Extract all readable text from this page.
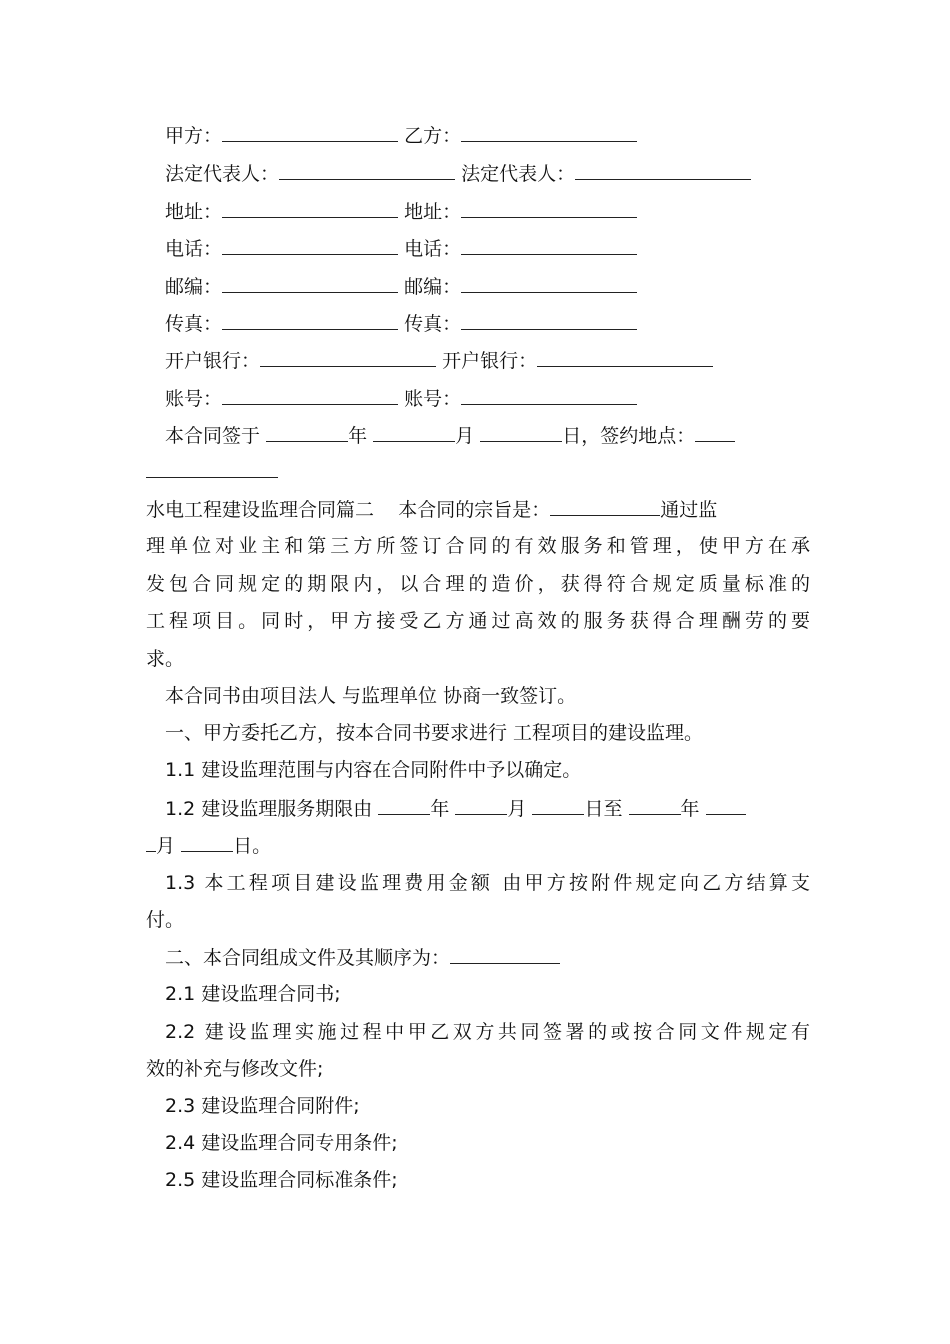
甲方：	乙方：
法定代表人：	法定代表人：
地址：	地址：
电话：	电话：
邮编：	邮编：
传真：	传真：
开户银行：	开户银行：
账号：	账号：
本合同签于	年	月	日，签约地点：
水电工程建设监理合同篇二 本合同的宗旨是：	通过监
理单位对业主和第三方所签订合同的有效服务和管理，使甲方在承
发包合同规定的期限内，以合理的造价，获得符合规定质量标准的
工程项目。同时，甲方接受乙方通过高效的服务获得合理酬劳的要
求。
本合同书由项目法人 与监理单位 协商一致签订。
一、甲方委托乙方，按本合同书要求进行 工程项目的建设监理。
1.1 建设监理范围与内容在合同附件中予以确定。
1.2 建设监理服务期限由	年	月	日至	年
月	日。
1.3 本工程项目建设监理费用金额 由甲方按附件规定向乙方结算支
付。
二、本合同组成文件及其顺序为：
2.1 建设监理合同书;
2.2 建设监理实施过程中甲乙双方共同签署的或按合同文件规定有
效的补充与修改文件;
2.3 建设监理合同附件;
2.4 建设监理合同专用条件;
2.5 建设监理合同标准条件;
